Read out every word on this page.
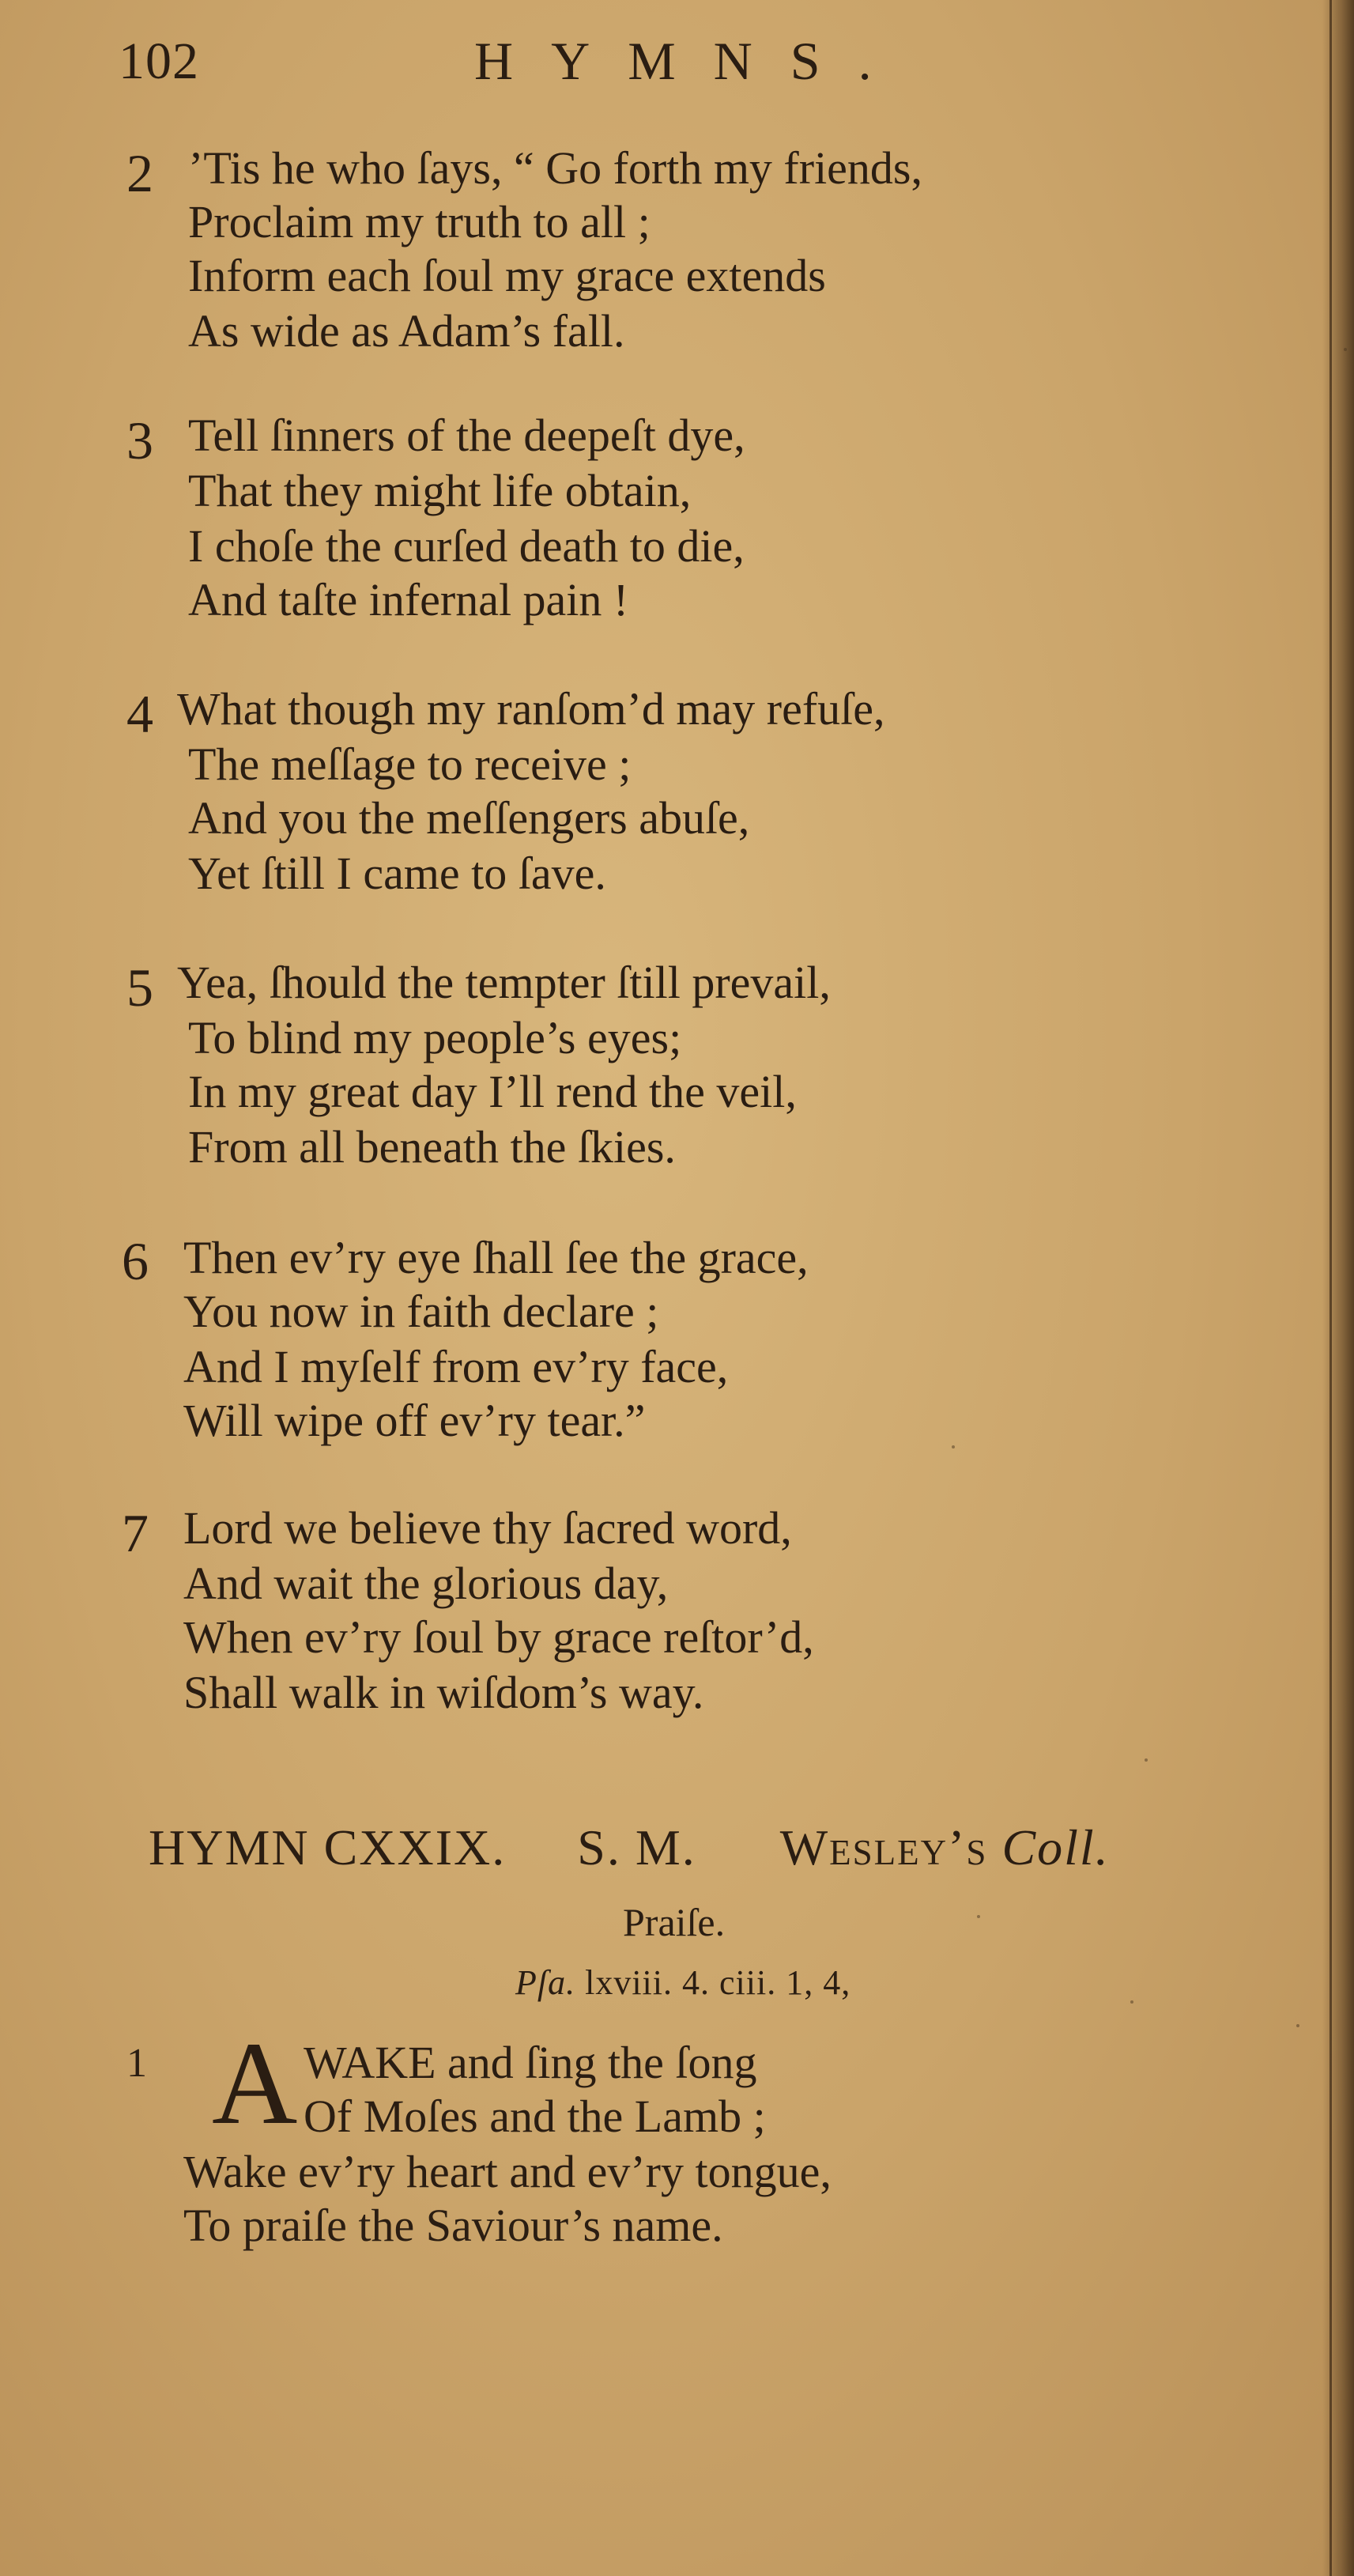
102	HYMNS.
2 ’Tis he who ſays, “ Go forth my friends,
Proclaim my truth to all ;
Inform each ſoul my grace extends
As wide as Adam’s fall.
3 Tell ſinners of the deepeſt dye,
That they might life obtain,
I choſe the curſed death to die,
And taſte infernal pain !
4 What though my ranſom’d may refuſe,
The meſſage to receive ;
And you the meſſengers abuſe,
Yet ſtill I came to ſave.
5 Yea, ſhould the tempter ſtill prevail,
To blind my people’s eyes;
In my great day I’ll rend the veil,
From all beneath the ſkies.
6 Then ev’ry eye ſhall ſee the grace,
You now in faith declare ;
And I myſelf from ev’ry face,
Will wipe off ev’ry tear.”
7 Lord we believe thy ſacred word,
And wait the glorious day,
When ev’ry ſoul by grace reſtor’d,
Shall walk in wiſdom’s way.
HYMN CXXIX. S. M. Wesley’s Coll.
Praiſe.
Pſa. lxviii. 4. ciii. 1, 4,
1 A WAKE and ſing the ſong
Of Moſes and the Lamb ;
Wake ev’ry heart and ev’ry tongue,
To praiſe the Saviour’s name.
